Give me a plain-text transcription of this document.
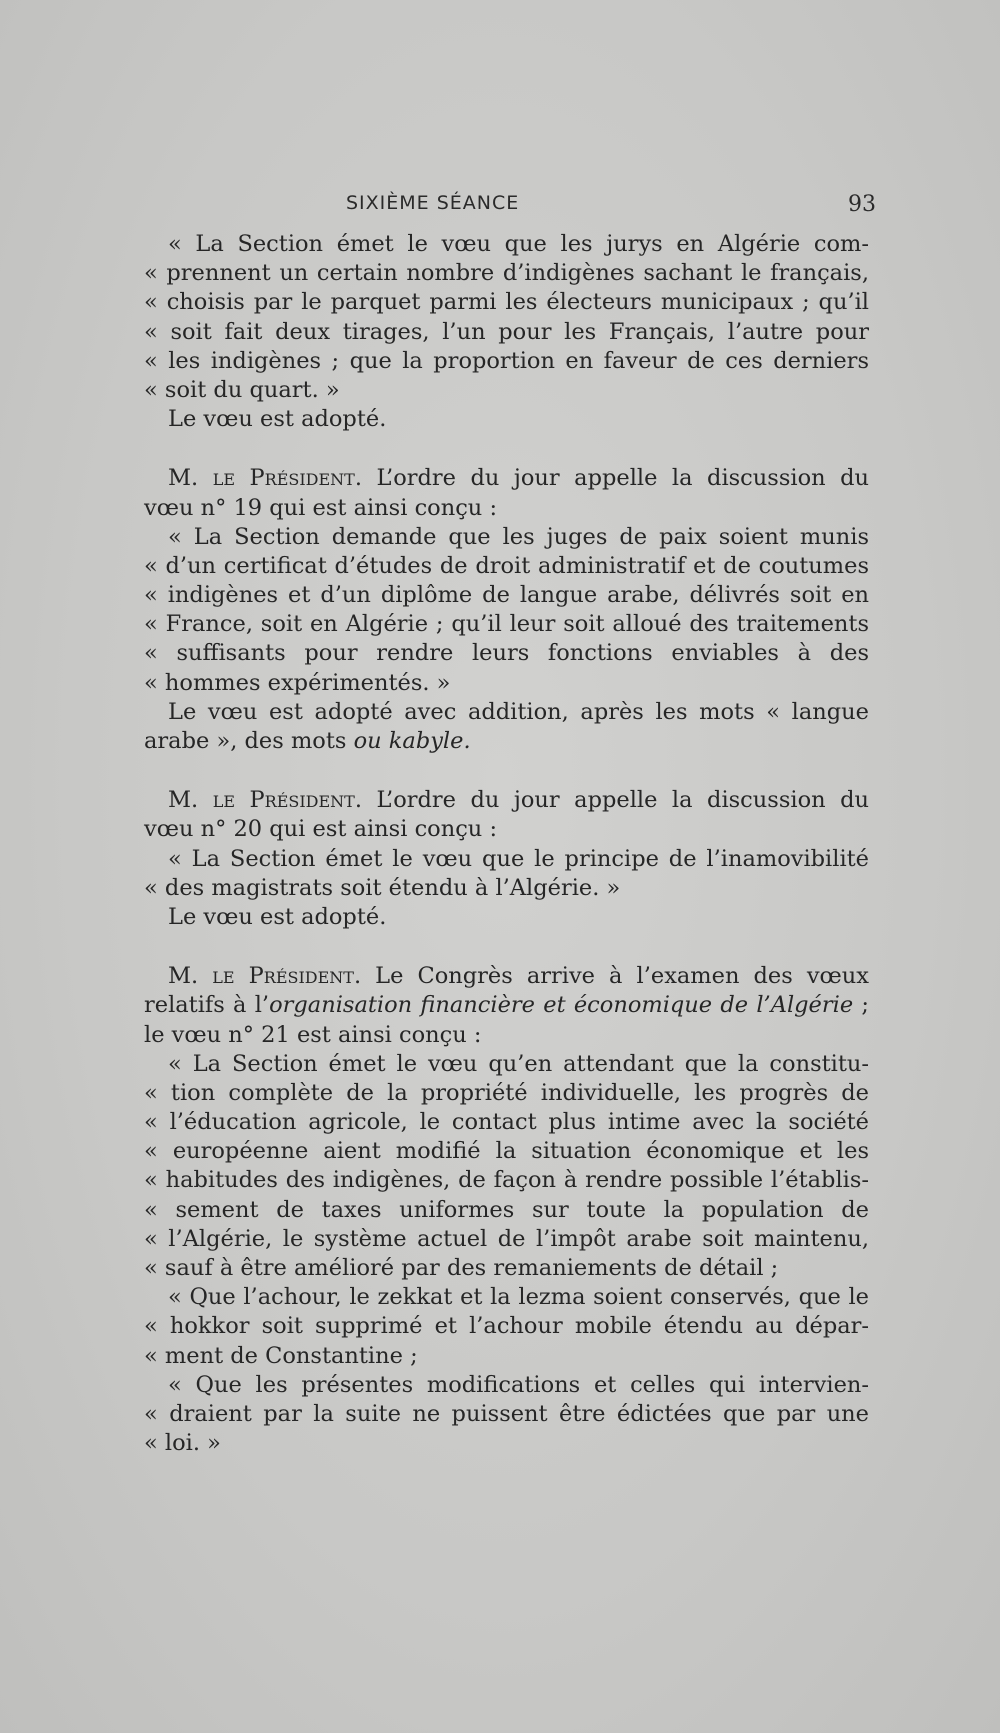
SIXIÈME SÉANCE	93
« La Section émet le vœu que les jurys en Algérie com-
« prennent un certain nombre d’indigènes sachant le français,
« choisis par le parquet parmi les électeurs municipaux ; qu’il
« soit fait deux tirages, l’un pour les Français, l’autre pour
« les indigènes ; que la proportion en faveur de ces derniers
« soit du quart. »
Le vœu est adopté.
M. le Président. L’ordre du jour appelle la discussion du
vœu n° 19 qui est ainsi conçu :
« La Section demande que les juges de paix soient munis
« d’un certificat d’études de droit administratif et de coutumes
« indigènes et d’un diplôme de langue arabe, délivrés soit en
« France, soit en Algérie ; qu’il leur soit alloué des traitements
« suffisants pour rendre leurs fonctions enviables à des
« hommes expérimentés. »
Le vœu est adopté avec addition, après les mots « langue
arabe », des mots ou kabyle.
M. le Président. L’ordre du jour appelle la discussion du
vœu n° 20 qui est ainsi conçu :
« La Section émet le vœu que le principe de l’inamovibilité
« des magistrats soit étendu à l’Algérie. »
Le vœu est adopté.
M. le Président. Le Congrès arrive à l’examen des vœux
relatifs à l’organisation financière et économique de l’Algérie ;
le vœu n° 21 est ainsi conçu :
« La Section émet le vœu qu’en attendant que la constitu-
« tion complète de la propriété individuelle, les progrès de
« l’éducation agricole, le contact plus intime avec la société
« européenne aient modifié la situation économique et les
« habitudes des indigènes, de façon à rendre possible l’établis-
« sement de taxes uniformes sur toute la population de
« l’Algérie, le système actuel de l’impôt arabe soit maintenu,
« sauf à être amélioré par des remaniements de détail ;
« Que l’achour, le zekkat et la lezma soient conservés, que le
« hokkor soit supprimé et l’achour mobile étendu au dépar-
« ment de Constantine ;
« Que les présentes modifications et celles qui intervien-
« draient par la suite ne puissent être édictées que par une
« loi. »
